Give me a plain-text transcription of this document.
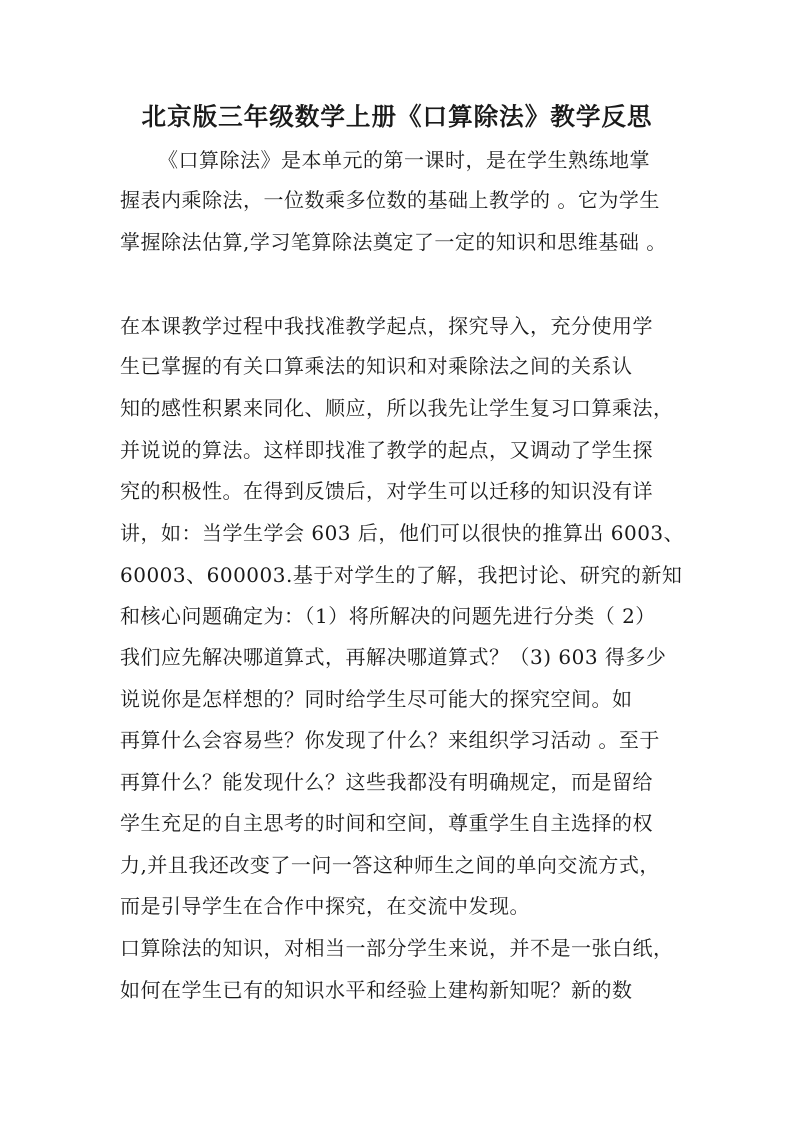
北京版三年级数学上册《口算除法》教学反思
《口算除法》是本单元的第一课时，是在学生熟练地掌
握表内乘除法，一位数乘多位数的基础上教学的 。它为学生
掌握除法估算,学习笔算除法奠定了一定的知识和思维基础 。
在本课教学过程中我找准教学起点，探究导入，充分使用学
生已掌握的有关口算乘法的知识和对乘除法之间的关系认
知的感性积累来同化、顺应，所以我先让学生复习口算乘法，
并说说的算法。这样即找准了教学的起点，又调动了学生探
究的积极性。在得到反馈后，对学生可以迁移的知识没有详
讲，如：当学生学会 603 后，他们可以很快的推算出 6003、
60003、600003.基于对学生的了解，我把讨论、研究的新知
和核心问题确定为：（1）将所解决的问题先进行分类（ 2）
我们应先解决哪道算式，再解决哪道算式？（3) 603 得多少
说说你是怎样想的？同时给学生尽可能大的探究空间。如
再算什么会容易些？你发现了什么？来组织学习活动 。至于
再算什么？能发现什么？这些我都没有明确规定，而是留给
学生充足的自主思考的时间和空间，尊重学生自主选择的权
力,并且我还改变了一问一答这种师生之间的单向交流方式，
而是引导学生在合作中探究，在交流中发现。
口算除法的知识，对相当一部分学生来说，并不是一张白纸，
如何在学生已有的知识水平和经验上建构新知呢？新的数
